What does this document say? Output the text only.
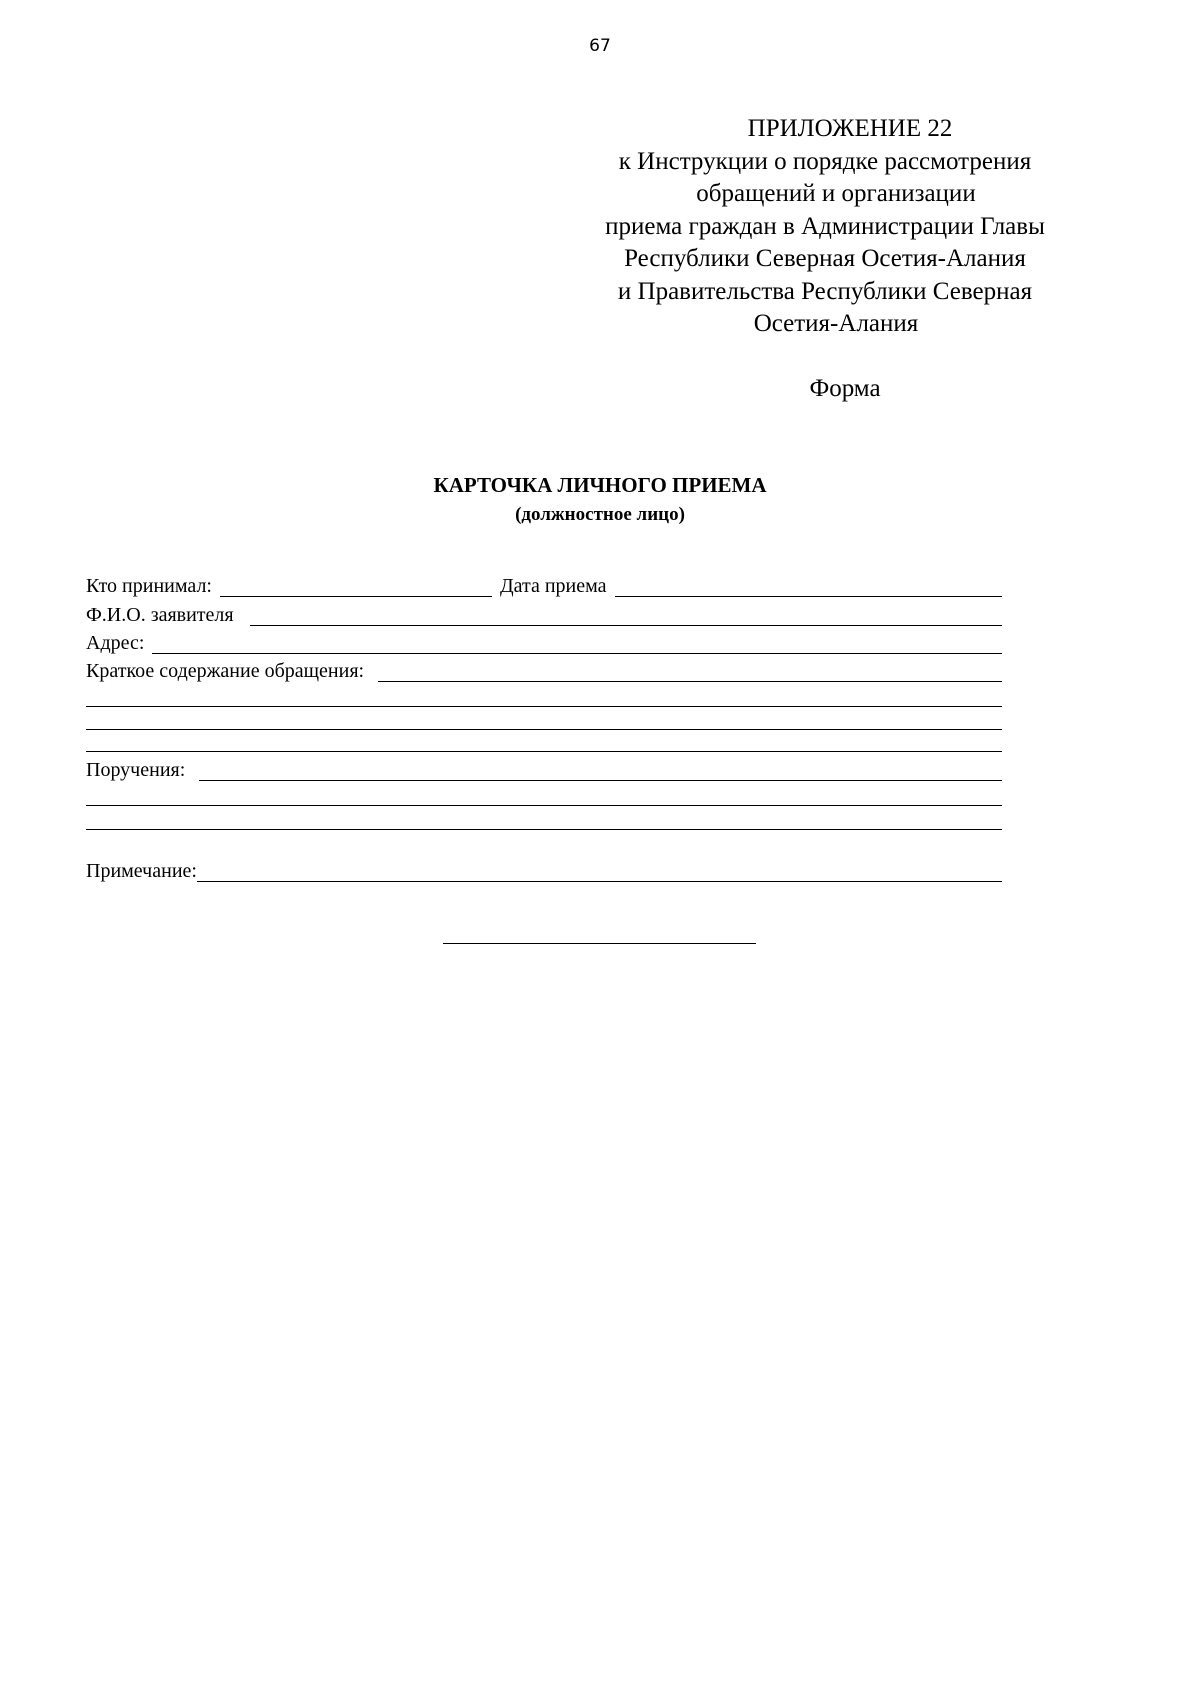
67
ПРИЛОЖЕНИЕ 22
к Инструкции о порядке рассмотрения
обращений и организации
приема граждан в Администрации Главы
Республики Северная Осетия-Алания
и Правительства Республики Северная
Осетия-Алания
Форма
КАРТОЧКА ЛИЧНОГО ПРИЕМА
(должностное лицо)
Кто принимал:	Дата приема
Ф.И.О. заявителя
Адрес:
Краткое содержание обращения:
Поручения:
Примечание:
